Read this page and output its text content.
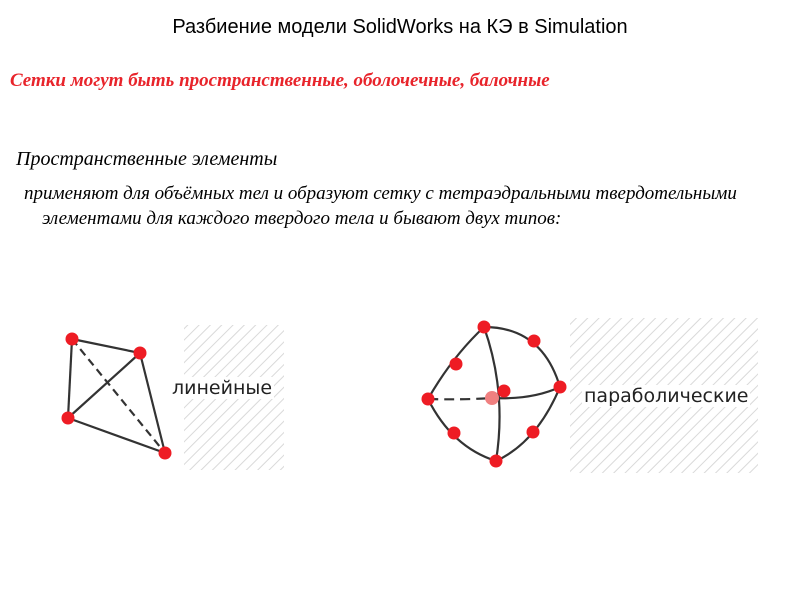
Разбиение модели SolidWorks на КЭ в Simulation
Сетки могут быть пространственные, оболочечные, балочные
Пространственные элементы
применяют для объёмных тел и образуют сетку с тетраэдральными твердотельными элементами для каждого твердого тела и бывают двух типов:
линейные	параболические
